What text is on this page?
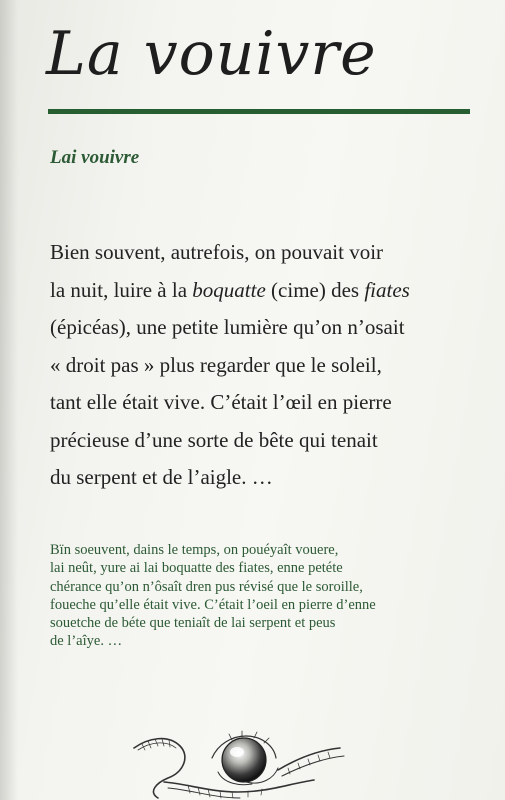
La vouivre
Lai vouivre
Bien souvent, autrefois, on pouvait voir
la nuit, luire à la boquatte (cime) des fiates
(épicéas), une petite lumière qu’on n’osait
« droit pas » plus regarder que le soleil,
tant elle était vive. C’était l’œil en pierre
précieuse d’une sorte de bête qui tenait
du serpent et de l’aigle. …
Bïn soeuvent, dains le temps, on pouéyaît vouere,
lai neût, yure ai lai boquatte des fiates, enne petéte
chérance qu’on n’ôsaît dren pus révisé que le soroille,
foueche qu’elle était vive. C’était l’oeil en pierre d’enne
souetche de béte que teniaît de lai serpent et peus
de l’aîye. …
